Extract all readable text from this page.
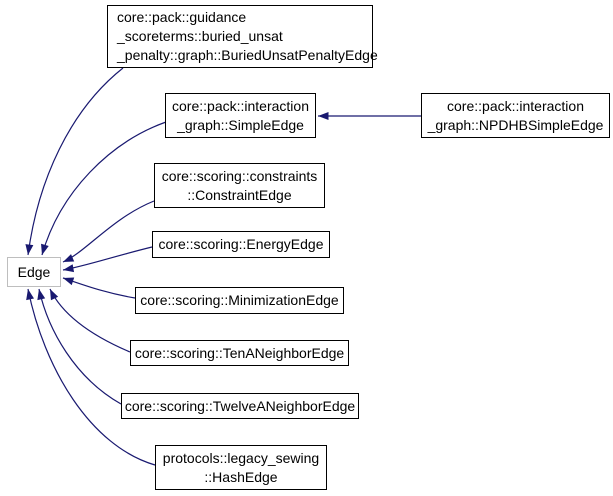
core::pack::guidance
_scoreterms::buried_unsat
_penalty::graph::BuriedUnsatPenaltyEdge
core::pack::interaction
_graph::SimpleEdge
core::pack::interaction
_graph::NPDHBSimpleEdge
core::scoring::constraints
::ConstraintEdge
core::scoring::EnergyEdge
core::scoring::MinimizationEdge
core::scoring::TenANeighborEdge
core::scoring::TwelveANeighborEdge
protocols::legacy_sewing
::HashEdge
Edge
